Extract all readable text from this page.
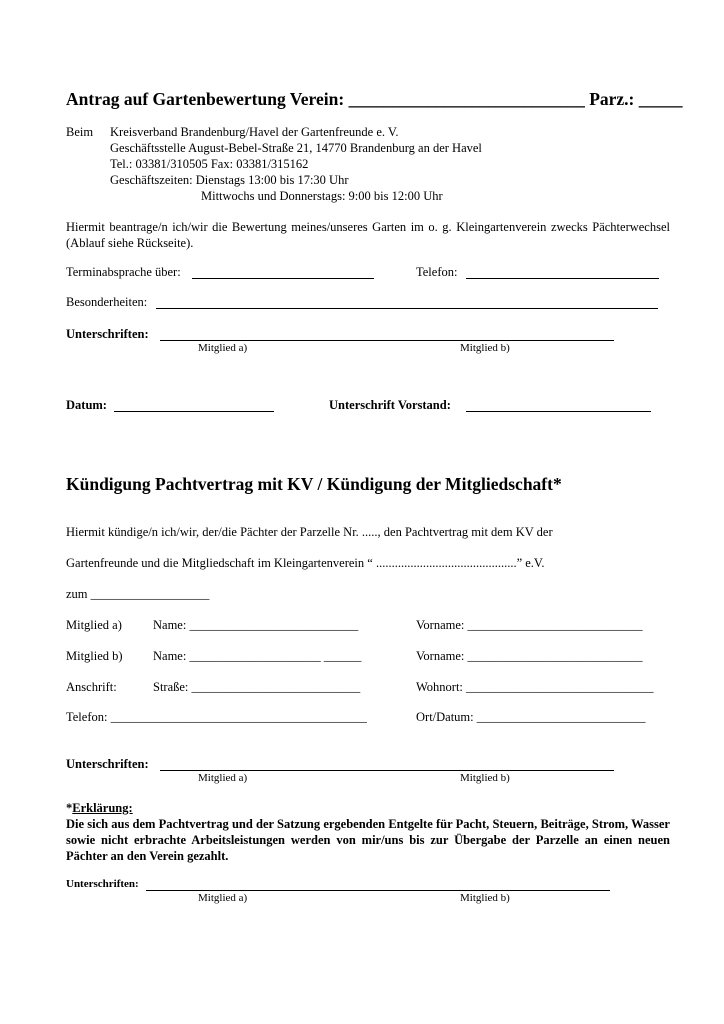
Antrag auf Gartenbewertung Verein: ___________________________ Parz.: _____
Beim Kreisverband Brandenburg/Havel der Gartenfreunde e. V.
Geschäftsstelle August-Bebel-Straße 21, 14770 Brandenburg an der Havel
Tel.: 03381/310505 Fax: 03381/315162
Geschäftszeiten: Dienstags 13:00 bis 17:30 Uhr
Mittwochs und Donnerstags: 9:00 bis 12:00 Uhr
Hiermit beantrage/n ich/wir die Bewertung meines/unseres Garten im o. g. Kleingartenverein zwecks Pächterwechsel (Ablauf siehe Rückseite).
Terminabsprache über:	Telefon:
Besonderheiten:
Unterschriften:
Mitglied a)	Mitglied b)
Datum:	Unterschrift Vorstand:
Kündigung Pachtvertrag mit KV / Kündigung der Mitgliedschaft*
Hiermit kündige/n ich/wir, der/die Pächter der Parzelle Nr. ....., den Pachtvertrag mit dem KV der
Gartenfreunde und die Mitgliedschaft im Kleingartenverein “ .............................................” e.V.
zum ___________________
Mitglied a) Name: ___________________________	Vorname: ____________________________
Mitglied b) Name: _____________________ ______	Vorname: ____________________________
Anschrift:	Straße: ___________________________	Wohnort: ______________________________
Telefon: _________________________________________	Ort/Datum: ___________________________
Unterschriften:
Mitglied a)	Mitglied b)
*Erklärung:
Die sich aus dem Pachtvertrag und der Satzung ergebenden Entgelte für Pacht, Steuern, Beiträge, Strom, Wasser sowie nicht erbrachte Arbeitsleistungen werden von mir/uns bis zur Übergabe der Parzelle an einen neuen Pächter an den Verein gezahlt.
Unterschriften:
Mitglied a)	Mitglied b)
